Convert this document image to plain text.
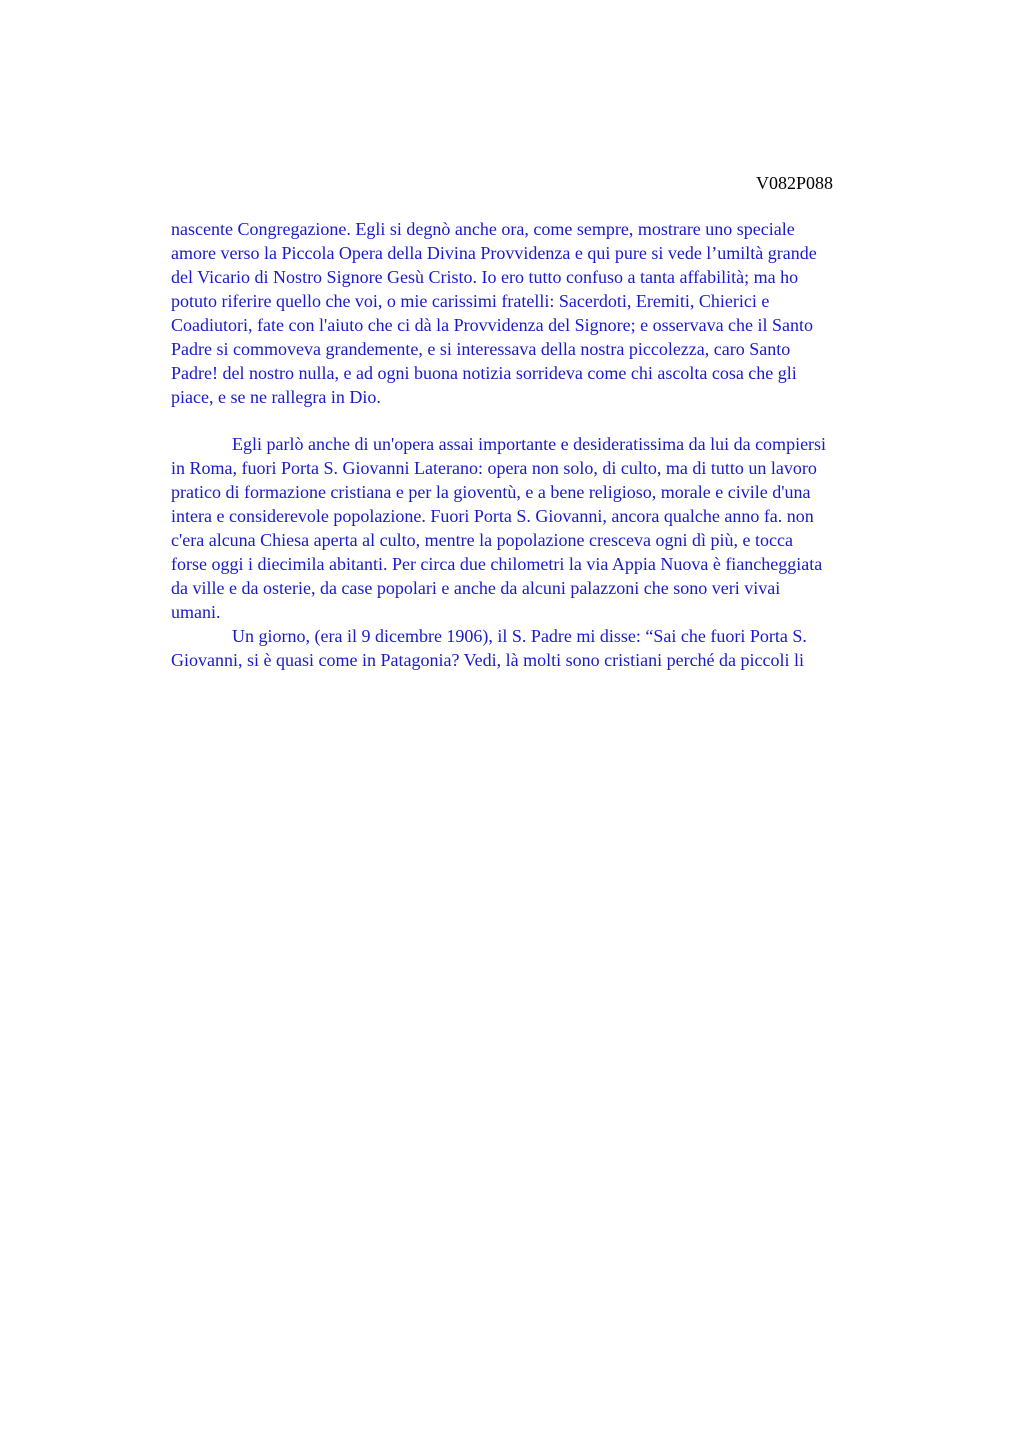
V082P088
nascente Congregazione. Egli si degnò anche ora, come sempre, mostrare uno speciale
amore verso la Piccola Opera della Divina Provvidenza e qui pure si vede l’umiltà grande
del Vicario di Nostro Signore Gesù Cristo. Io ero tutto confuso a tanta affabilità; ma ho
potuto riferire quello che voi, o mie carissimi fratelli: Sacerdoti, Eremiti, Chierici e
Coadiutori, fate con l'aiuto che ci dà la Provvidenza del Signore; e osservava che il Santo
Padre si commoveva grandemente, e si interessava della nostra piccolezza, caro Santo
Padre! del nostro nulla, e ad ogni buona notizia sorrideva come chi ascolta cosa che gli
piace, e se ne rallegra in Dio.
Egli parlò anche di un'opera assai importante e desideratissima da lui da compiersi
in Roma, fuori Porta S. Giovanni Laterano: opera non solo, di culto, ma di tutto un lavoro
pratico di formazione cristiana e per la gioventù, e a bene religioso, morale e civile d'una
intera e considerevole popolazione. Fuori Porta S. Giovanni, ancora qualche anno fa. non
c'era alcuna Chiesa aperta al culto, mentre la popolazione cresceva ogni dì più, e tocca
forse oggi i diecimila abitanti. Per circa due chilometri la via Appia Nuova è fiancheggiata
da ville e da osterie, da case popolari e anche da alcuni palazzoni che sono veri vivai
umani.
Un giorno, (era il 9 dicembre 1906), il S. Padre mi disse: “Sai che fuori Porta S.
Giovanni, si è quasi come in Patagonia? Vedi, là molti sono cristiani perché da piccoli li
